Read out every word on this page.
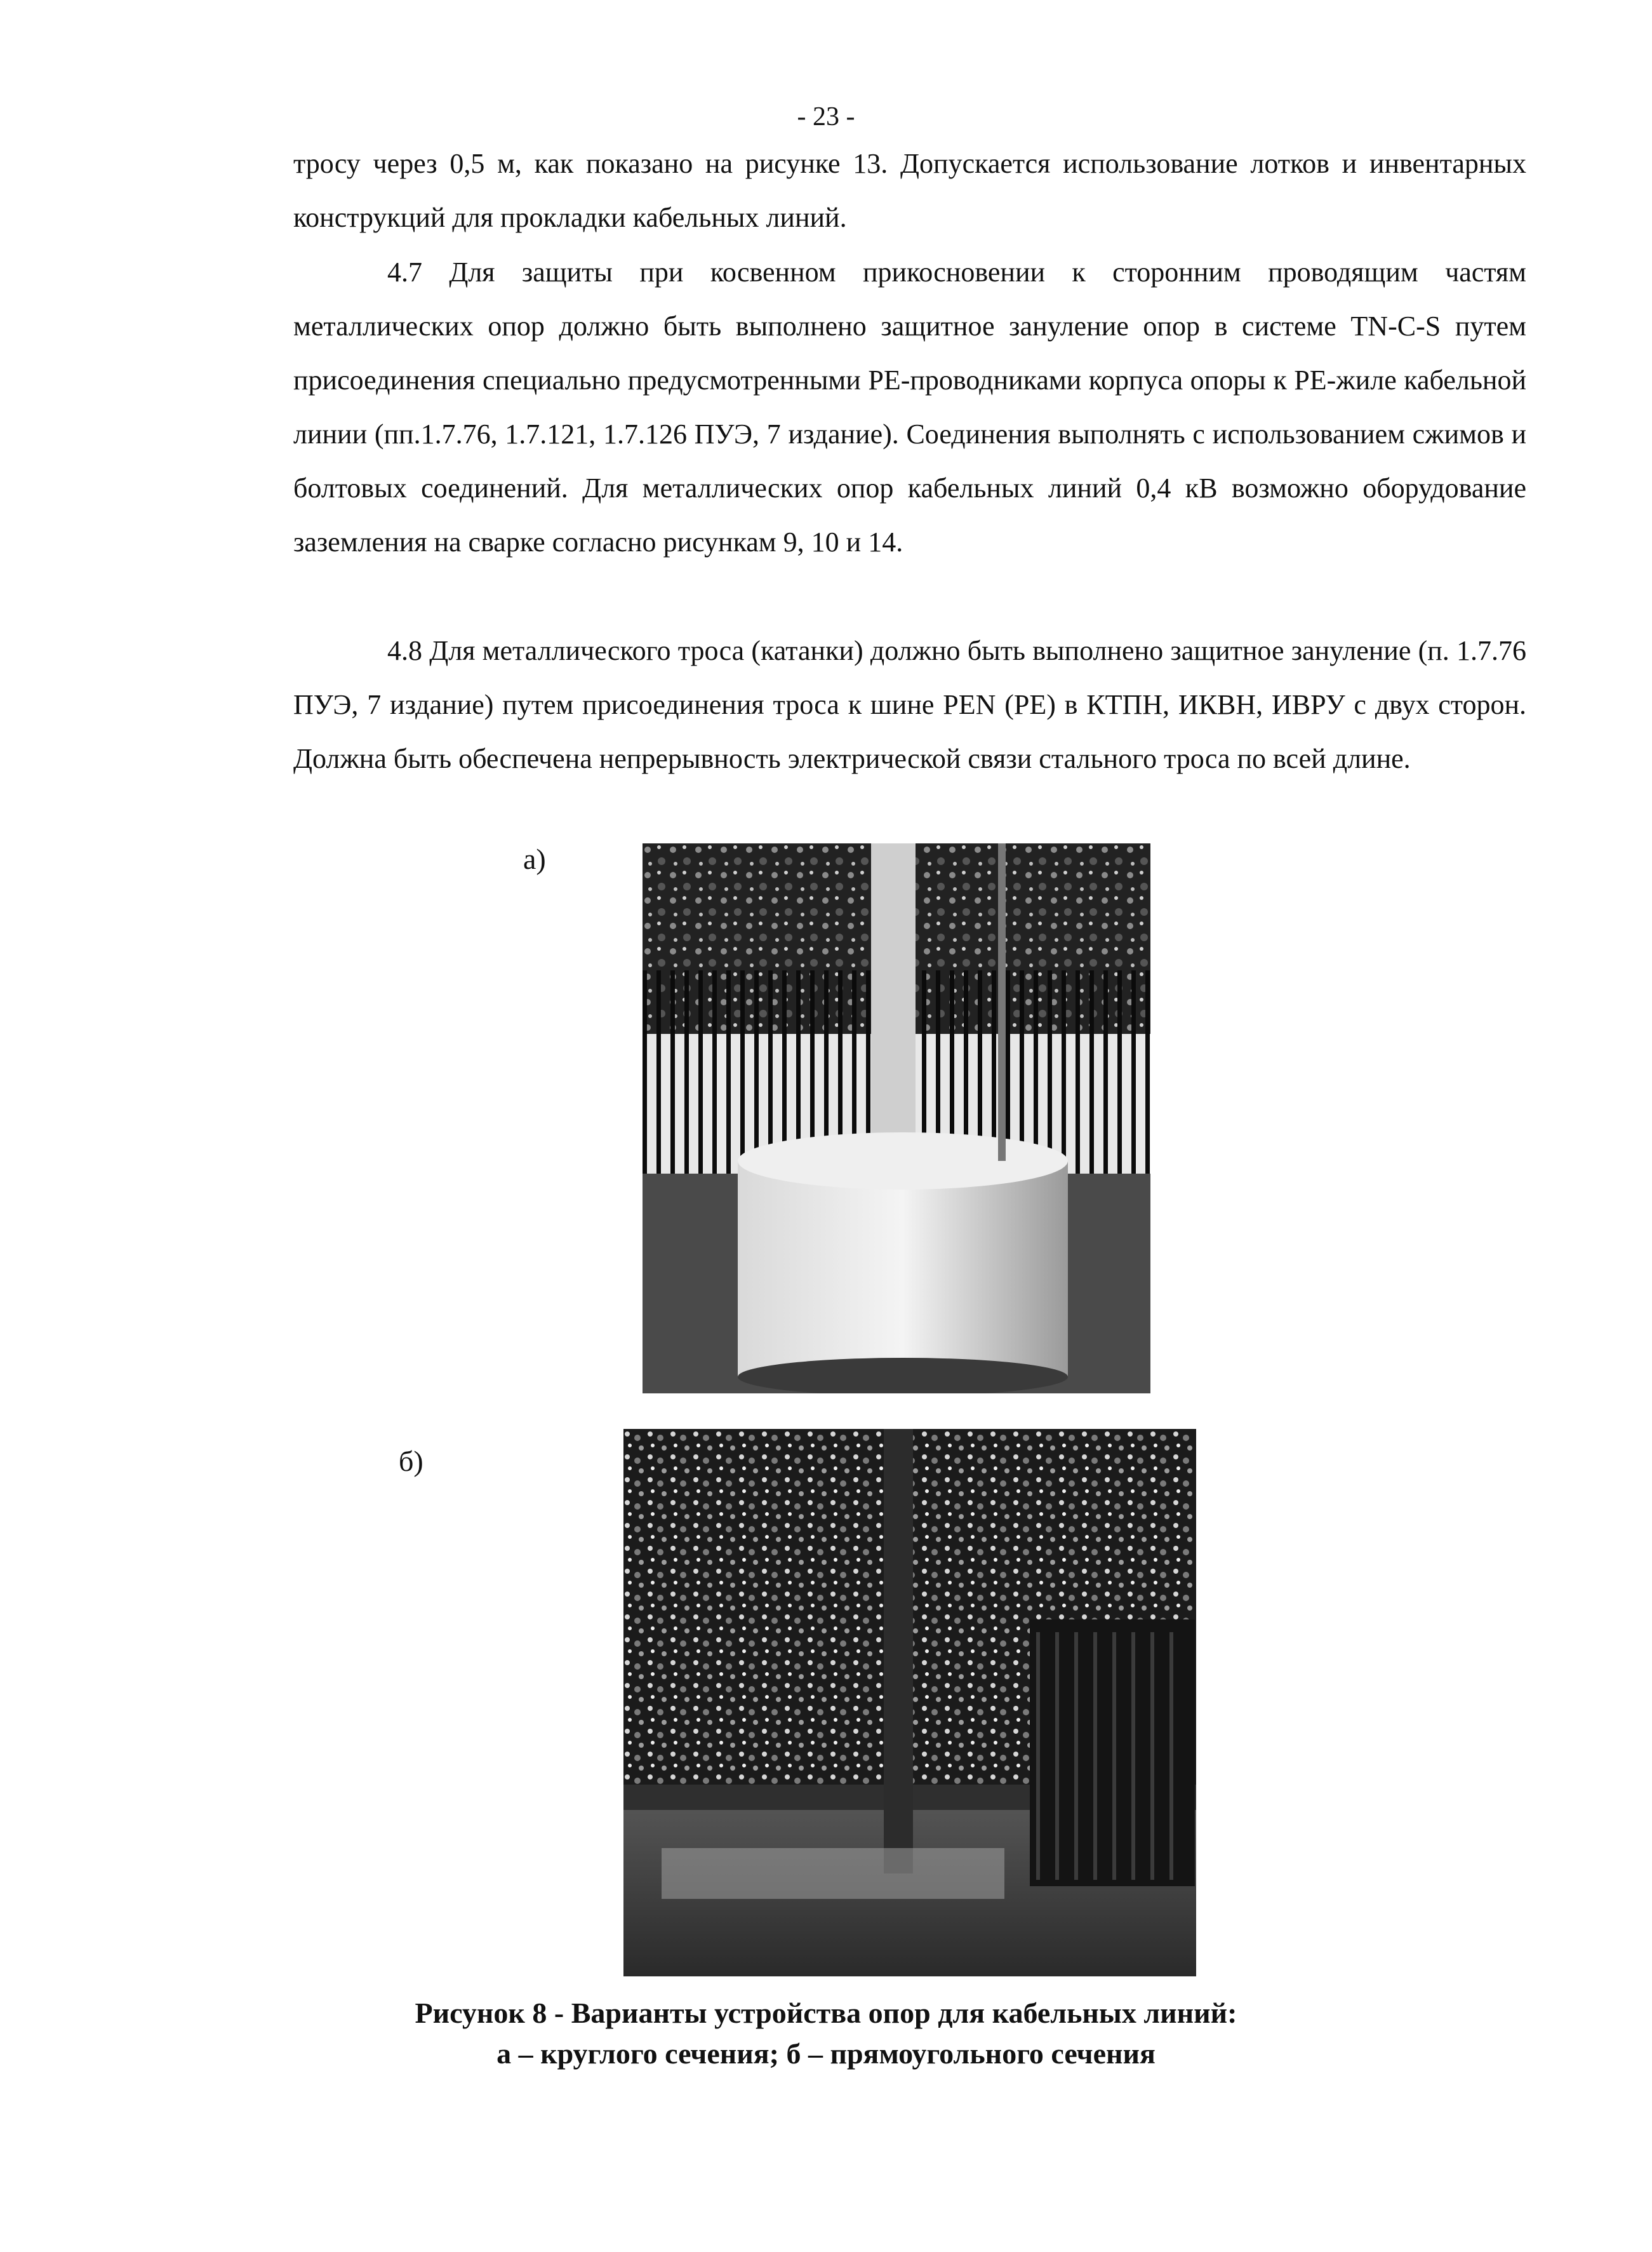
- 23 -

тросу через 0,5 м, как показано на рисунке 13. Допускается использование лотков и инвентарных конструкций для прокладки кабельных линий.

4.7 Для защиты при косвенном прикосновении к сторонним проводящим частям металлических опор должно быть выполнено защитное зануление опор в системе TN-C-S путем присоединения специально предусмотренными PE-проводниками корпуса опоры к PE-жиле кабельной линии (пп.1.7.76, 1.7.121, 1.7.126 ПУЭ, 7 издание). Соединения выполнять с использованием сжимов и болтовых соединений. Для металлических опор кабельных линий 0,4 кВ возможно оборудование заземления на сварке согласно рисункам 9, 10 и 14.

4.8 Для металлического троса (катанки) должно быть выполнено защитное зануление (п. 1.7.76 ПУЭ, 7 издание) путем присоединения троса к шине PEN (PE) в КТПН, ИКВН, ИВРУ с двух сторон. Должна быть обеспечена непрерывность электрической связи стального троса по всей длине.

а)
б)
Рисунок 8 - Варианты устройства опор для кабельных линий:
а – круглого сечения; б – прямоугольного сечения
